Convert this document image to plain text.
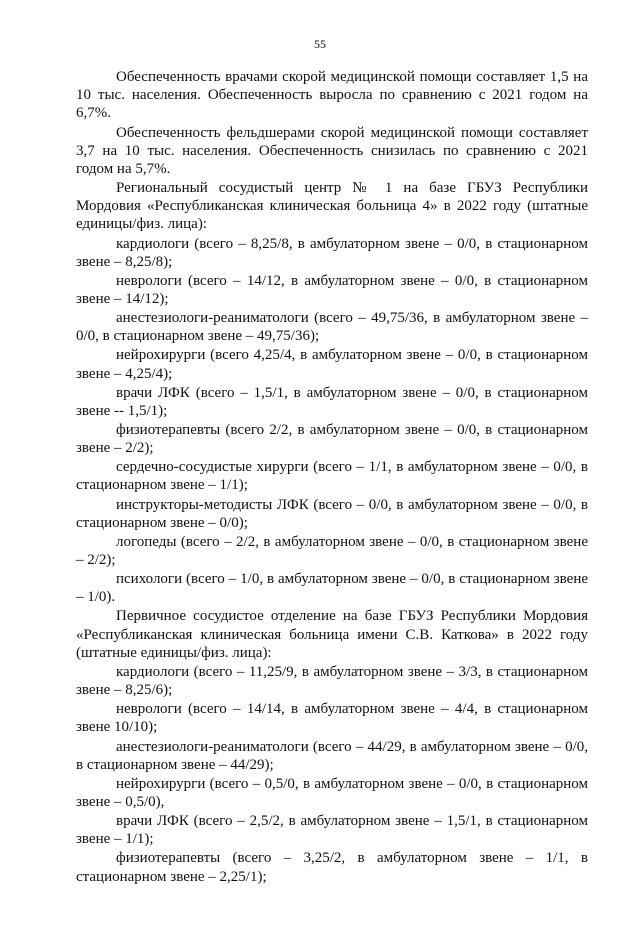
55

Обеспеченность врачами скорой медицинской помощи составляет 1,5 на 10 тыс. населения. Обеспеченность выросла по сравнению с 2021 годом на 6,7%.

Обеспеченность фельдшерами скорой медицинской помощи составляет 3,7 на 10 тыс. населения. Обеспеченность снизилась по сравнению с 2021 годом на 5,7%.

Региональный сосудистый центр № 1 на базе ГБУЗ Республики Мордовия «Республиканская клиническая больница 4» в 2022 году (штатные единицы/физ. лица):

кардиологи (всего – 8,25/8, в амбулаторном звене – 0/0, в стационарном звене – 8,25/8);

неврологи (всего – 14/12, в амбулаторном звене – 0/0, в стационарном звене – 14/12);

анестезиологи-реаниматологи (всего – 49,75/36, в амбулаторном звене – 0/0, в стационарном звене – 49,75/36);

нейрохирурги (всего 4,25/4, в амбулаторном звене – 0/0, в стационарном звене – 4,25/4);

врачи ЛФК (всего – 1,5/1, в амбулаторном звене – 0/0, в стационарном звене -- 1,5/1);

физиотерапевты (всего 2/2, в амбулаторном звене – 0/0, в стационарном звене – 2/2);

сердечно-сосудистые хирурги (всего – 1/1, в амбулаторном звене – 0/0, в стационарном звене – 1/1);

инструкторы-методисты ЛФК (всего – 0/0, в амбулаторном звене – 0/0, в стационарном звене – 0/0);

логопеды (всего – 2/2, в амбулаторном звене – 0/0, в стационарном звене – 2/2);

психологи (всего – 1/0, в амбулаторном звене – 0/0, в стационарном звене – 1/0).

Первичное сосудистое отделение на базе ГБУЗ Республики Мордовия «Республиканская клиническая больница имени С.В. Каткова» в 2022 году (штатные единицы/физ. лица):

кардиологи (всего – 11,25/9, в амбулаторном звене – 3/3, в стационарном звене – 8,25/6);

неврологи (всего – 14/14, в амбулаторном звене – 4/4, в стационарном звене 10/10);

анестезиологи-реаниматологи (всего – 44/29, в амбулаторном звене – 0/0, в стационарном звене – 44/29);

нейрохирурги (всего – 0,5/0, в амбулаторном звене – 0/0, в стационарном звене – 0,5/0),

врачи ЛФК (всего – 2,5/2, в амбулаторном звене – 1,5/1, в стационарном звене – 1/1);

физиотерапевты (всего – 3,25/2, в амбулаторном звене – 1/1, в стационарном звене – 2,25/1);
